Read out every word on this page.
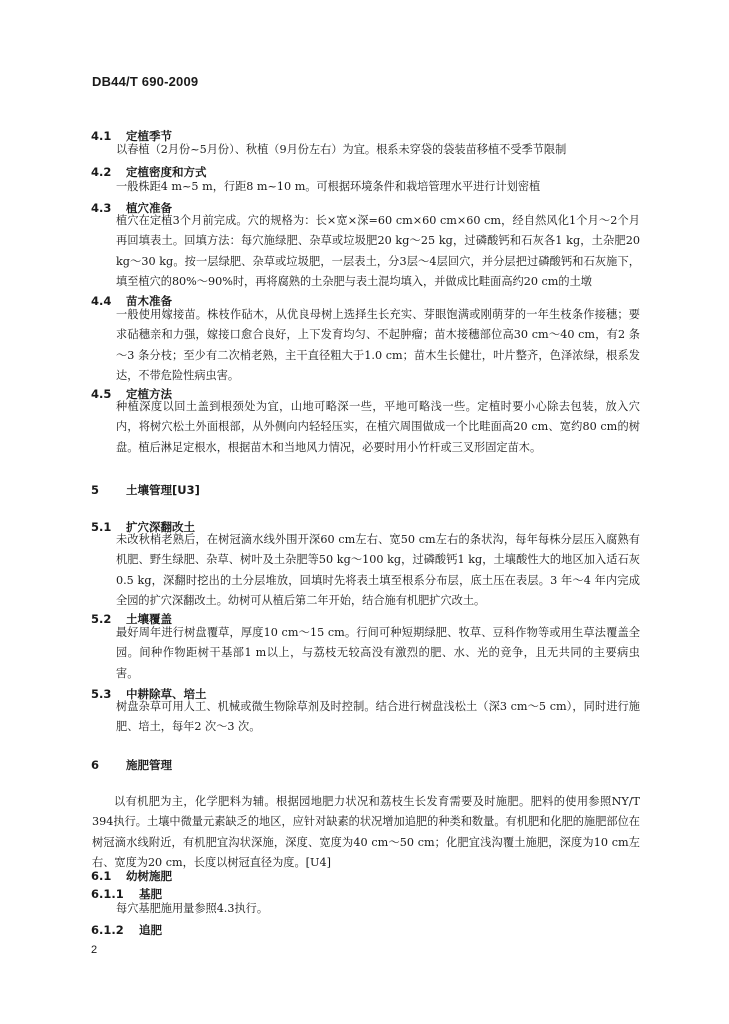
DB44/T 690-2009
4.1 定植季节
以春植（2月份~5月份）、秋植（9月份左右）为宜。根系未穿袋的袋装苗移植不受季节限制
4.2 定植密度和方式
一般株距4 m~5 m，行距8 m~10 m。可根据环境条件和栽培管理水平进行计划密植
4.3 植穴准备
植穴在定植3个月前完成。穴的规格为：长×宽×深=60 cm×60 cm×60 cm，经自然风化1个月～2个月再回填表土。回填方法：每穴施绿肥、杂草或垃圾肥20 kg～25 kg，过磷酸钙和石灰各1 kg，土杂肥20 kg～30 kg。按一层绿肥、杂草或垃圾肥，一层表土，分3层～4层回穴，并分层把过磷酸钙和石灰施下，填至植穴的80%～90%时，再将腐熟的土杂肥与表土混均填入，并做成比畦面高约20 cm的土墩
4.4 苗木准备
一般使用嫁接苗。株枝作砧木，从优良母树上选择生长充实、芽眼饱满或刚萌芽的一年生枝条作接穗；要求砧穗亲和力强，嫁接口愈合良好，上下发育均匀、不起肿瘤；苗木接穗部位高30 cm～40 cm，有2 条～3 条分枝；至少有二次梢老熟，主干直径粗大于1.0 cm；苗木生长健壮，叶片整齐，色泽浓绿，根系发达，不带危险性病虫害。
4.5 定植方法
种植深度以回土盖到根颈处为宜，山地可略深一些，平地可略浅一些。定植时要小心除去包装，放入穴内，将树穴松土外面根部，从外侧向内轻轻压实，在植穴周围做成一个比畦面高20 cm、宽约80 cm的树盘。植后淋足定根水，根据苗木和当地风力情况，必要时用小竹杆或三叉形固定苗木。
5 土壤管理[U3]
5.1 扩穴深翻改土
未改秋梢老熟后，在树冠滴水线外围开深60 cm左右、宽50 cm左右的条状沟，每年每株分层压入腐熟有机肥、野生绿肥、杂草、树叶及土杂肥等50 kg～100 kg，过磷酸钙1 kg，土壤酸性大的地区加入适石灰0.5 kg，深翻时挖出的土分层堆放，回填时先将表土填至根系分布层，底土压在表层。3 年～4 年内完成全园的扩穴深翻改土。幼树可从植后第二年开始，结合施有机肥扩穴改土。
5.2 土壤覆盖
最好周年进行树盘覆草，厚度10 cm～15 cm。行间可种短期绿肥、牧草、豆科作物等或用生草法覆盖全园。间种作物距树干基部1 m以上，与荔枝无较高没有激烈的肥、水、光的竞争，且无共同的主要病虫害。
5.3 中耕除草、培土
树盘杂草可用人工、机械或微生物除草剂及时控制。结合进行树盘浅松土（深3 cm～5 cm），同时进行施肥、培土，每年2 次～3 次。
6 施肥管理
以有机肥为主，化学肥料为辅。根据园地肥力状况和荔枝生长发育需要及时施肥。肥料的使用参照NY/T 394执行。土壤中微量元素缺乏的地区，应针对缺素的状况增加追肥的种类和数量。有机肥和化肥的施肥部位在树冠滴水线附近，有机肥宜沟状深施，深度、宽度为40 cm～50 cm；化肥宜浅沟覆土施肥，深度为10 cm左右、宽度为20 cm，长度以树冠直径为度。[U4]
6.1 幼树施肥
6.1.1 基肥
每穴基肥施用量参照4.3执行。
6.1.2 追肥
2
